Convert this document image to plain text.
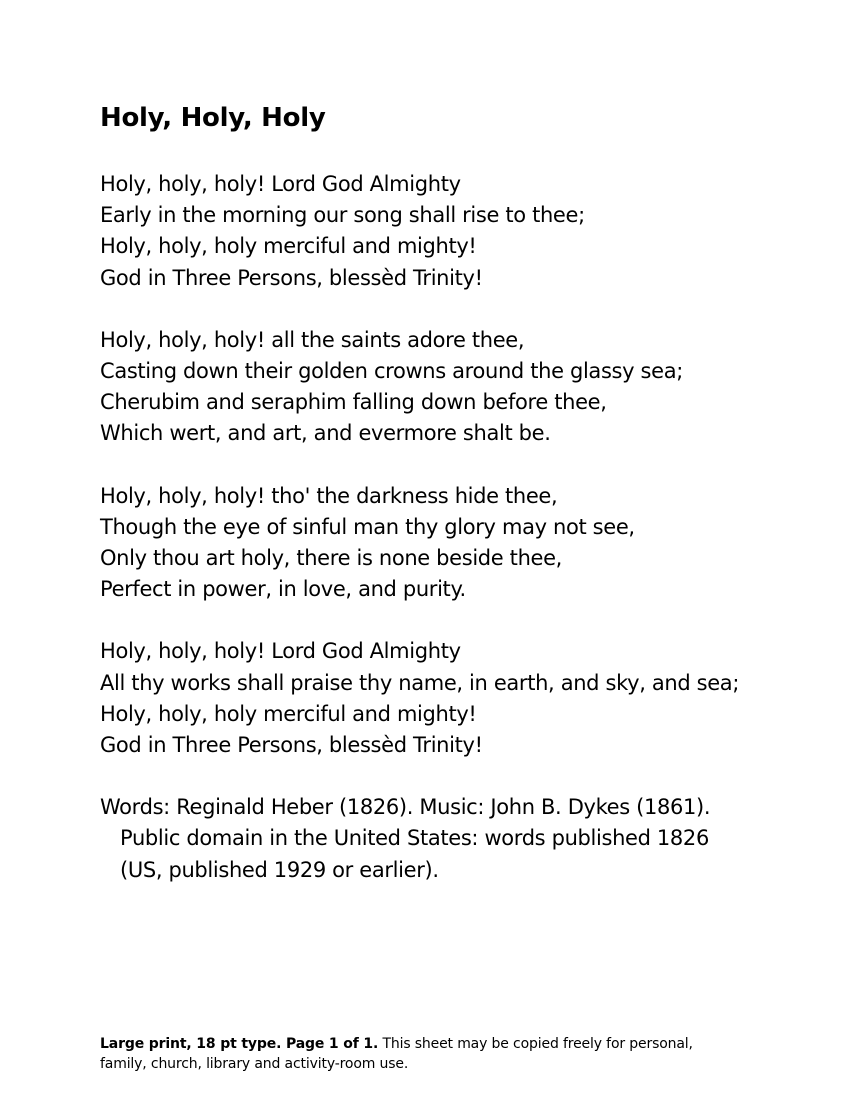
Holy, Holy, Holy
Holy, holy, holy! Lord God Almighty
Early in the morning our song shall rise to thee;
Holy, holy, holy merciful and mighty!
God in Three Persons, blessèd Trinity!
Holy, holy, holy! all the saints adore thee,
Casting down their golden crowns around the glassy sea;
Cherubim and seraphim falling down before thee,
Which wert, and art, and evermore shalt be.
Holy, holy, holy! tho' the darkness hide thee,
Though the eye of sinful man thy glory may not see,
Only thou art holy, there is none beside thee,
Perfect in power, in love, and purity.
Holy, holy, holy! Lord God Almighty
All thy works shall praise thy name, in earth, and sky, and sea;
Holy, holy, holy merciful and mighty!
God in Three Persons, blessèd Trinity!

Words: Reginald Heber (1826). Music: John B. Dykes (1861). Public domain in the United States: words published 1826 (US, published 1929 or earlier).

Large print, 18 pt type. Page 1 of 1. This sheet may be copied freely for personal, family, church, library and activity-room use.
